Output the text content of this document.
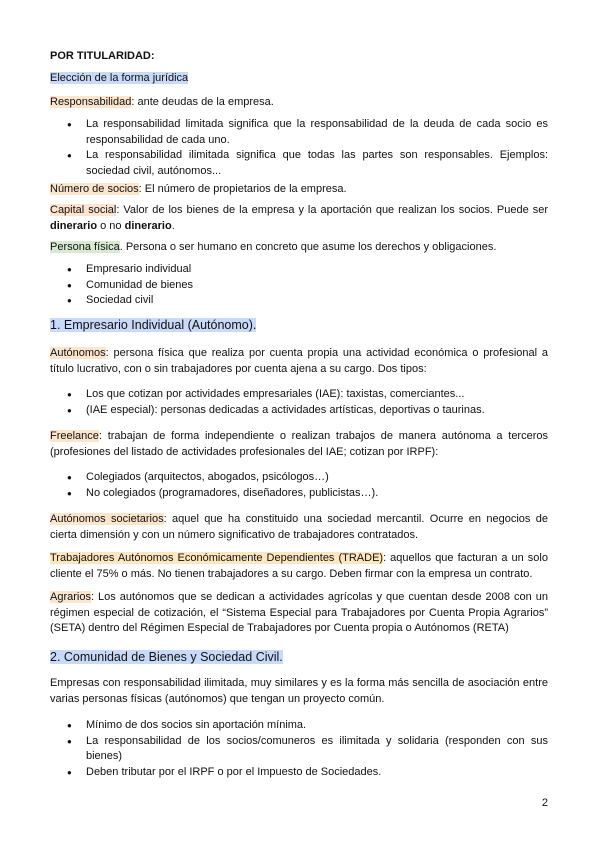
POR TITULARIDAD:
Elección de la forma jurídica
Responsabilidad: ante deudas de la empresa.
● La responsabilidad limitada significa que la responsabilidad de la deuda de cada socio es responsabilidad de cada uno.
● La responsabilidad ilimitada significa que todas las partes son responsables. Ejemplos: sociedad civil, autónomos...
Número de socios: El número de propietarios de la empresa.
Capital social: Valor de los bienes de la empresa y la aportación que realizan los socios. Puede ser dinerario o no dinerario.
Persona física. Persona o ser humano en concreto que asume los derechos y obligaciones.
● Empresario individual
● Comunidad de bienes
● Sociedad civil
1. Empresario Individual (Autónomo).
Autónomos: persona física que realiza por cuenta propia una actividad económica o profesional a título lucrativo, con o sin trabajadores por cuenta ajena a su cargo. Dos tipos:
● Los que cotizan por actividades empresariales (IAE): taxistas, comerciantes...
● (IAE especial): personas dedicadas a actividades artísticas, deportivas o taurinas.
Freelance: trabajan de forma independiente o realizan trabajos de manera autónoma a terceros (profesiones del listado de actividades profesionales del IAE; cotizan por IRPF):
● Colegiados (arquitectos, abogados, psicólogos…)
● No colegiados (programadores, diseñadores, publicistas…).
Autónomos societarios: aquel que ha constituido una sociedad mercantil. Ocurre en negocios de cierta dimensión y con un número significativo de trabajadores contratados.
Trabajadores Autónomos Económicamente Dependientes (TRADE): aquellos que facturan a un solo cliente el 75% o más. No tienen trabajadores a su cargo. Deben firmar con la empresa un contrato.
Agrarios: Los autónomos que se dedican a actividades agrícolas y que cuentan desde 2008 con un régimen especial de cotización, el “Sistema Especial para Trabajadores por Cuenta Propia Agrarios” (SETA) dentro del Régimen Especial de Trabajadores por Cuenta propia o Autónomos (RETA)
2. Comunidad de Bienes y Sociedad Civil.
Empresas con responsabilidad ilimitada, muy similares y es la forma más sencilla de asociación entre varias personas físicas (autónomos) que tengan un proyecto común.
● Mínimo de dos socios sin aportación mínima.
● La responsabilidad de los socios/comuneros es ilimitada y solidaria (responden con sus bienes)
● Deben tributar por el IRPF o por el Impuesto de Sociedades.
2
